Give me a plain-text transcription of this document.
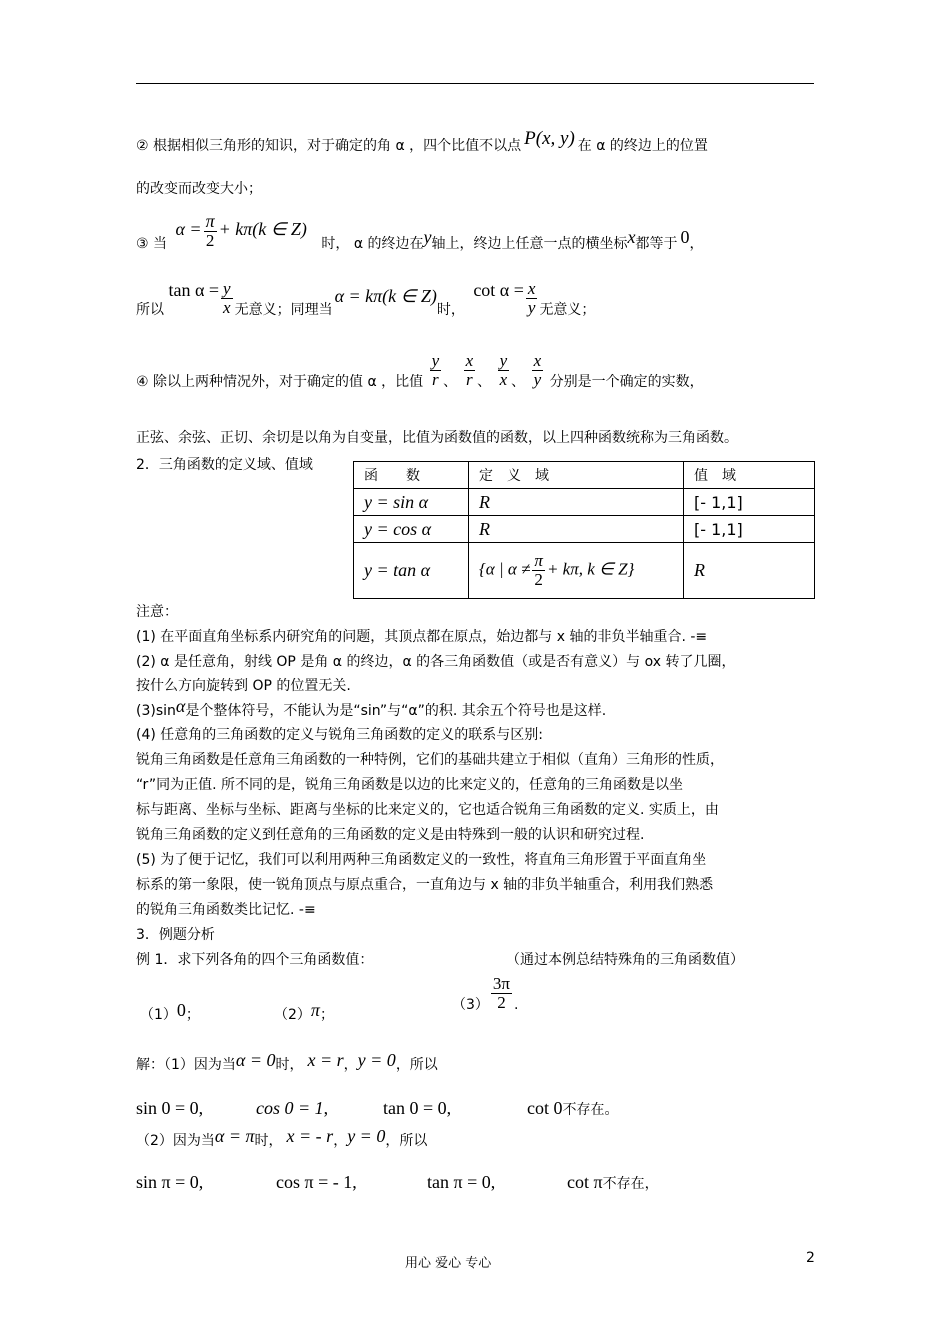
② 根据相似三角形的知识，对于确定的角 α ，四个比值不以点 P(x, y) 在 α 的终边上的位置
的改变而改变大小；
③ 当 $\alpha = \frac{\pi}{2} + k\pi(k$ ∈ Z) 时， α 的终边在y轴上，终边上任意一点的横坐标x都等于 0，
所以 $\tan \alpha = \frac{y}{x}$ 无意义；同理当α = kπ(k ∈ Z)时， $\cot \alpha = \frac{x}{y}$ 无意义；
④ 除以上两种情况外，对于确定的值 α ，比值 $\frac{y}{r}$ 、 $\frac{x}{r}$ 、 $\frac{y}{x}$ 、 $\frac{x}{y}$ 分别是一个确定的实数，
正弦、余弦、正切、余切是以角为自变量，比值为函数值的函数，以上四种函数统称为三角函数。
2．三角函数的定义域、值域
函　　数	定　义　域	值　域
y = sin α	R	[- 1,1]
y = cos α	R	[- 1,1]
y = tan α	{α | $\alpha \ne \frac{\pi}{2} + k\pi$, k ∈ Z}	R
注意：
(1) 在平面直角坐标系内研究角的问题，其顶点都在原点，始边都与 x 轴的非负半轴重合. -≡
(2) α 是任意角，射线 OP 是角 α 的终边，α 的各三角函数值（或是否有意义）与 ox 转了几圈，
按什么方向旋转到 OP 的位置无关.
(3)sinα是个整体符号，不能认为是“sin”与“α”的积. 其余五个符号也是这样.
(4) 任意角的三角函数的定义与锐角三角函数的定义的联系与区别:
锐角三角函数是任意角三角函数的一种特例，它们的基础共建立于相似（直角）三角形的性质，
“r”同为正值. 所不同的是，锐角三角函数是以边的比来定义的，任意角的三角函数是以坐
标与距离、坐标与坐标、距离与坐标的比来定义的，它也适合锐角三角函数的定义. 实质上，由
锐角三角函数的定义到任意角的三角函数的定义是由特殊到一般的认识和研究过程.
(5) 为了便于记忆，我们可以利用两种三角函数定义的一致性，将直角三角形置于平面直角坐
标系的第一象限，使一锐角顶点与原点重合，一直角边与 x 轴的非负半轴重合，利用我们熟悉
的锐角三角函数类比记忆. -≡
3．例题分析
例 1．求下列各角的四个三角函数值：	（通过本例总结特殊角的三角函数值）
（1）0；	（2）π；
$(3) \frac{3\pi}{2}$ .
解：（1）因为当α = 0时， x = r，y = 0，所以
sin 0 = 0,	cos 0 = 1,	tan 0 = 0,	cot 0不存在。
（2）因为当α = π时， x = - r，y = 0，所以
sin π = 0,	cos π = - 1,	tan π = 0,	cot π不存在，
用心 爱心 专心	2
